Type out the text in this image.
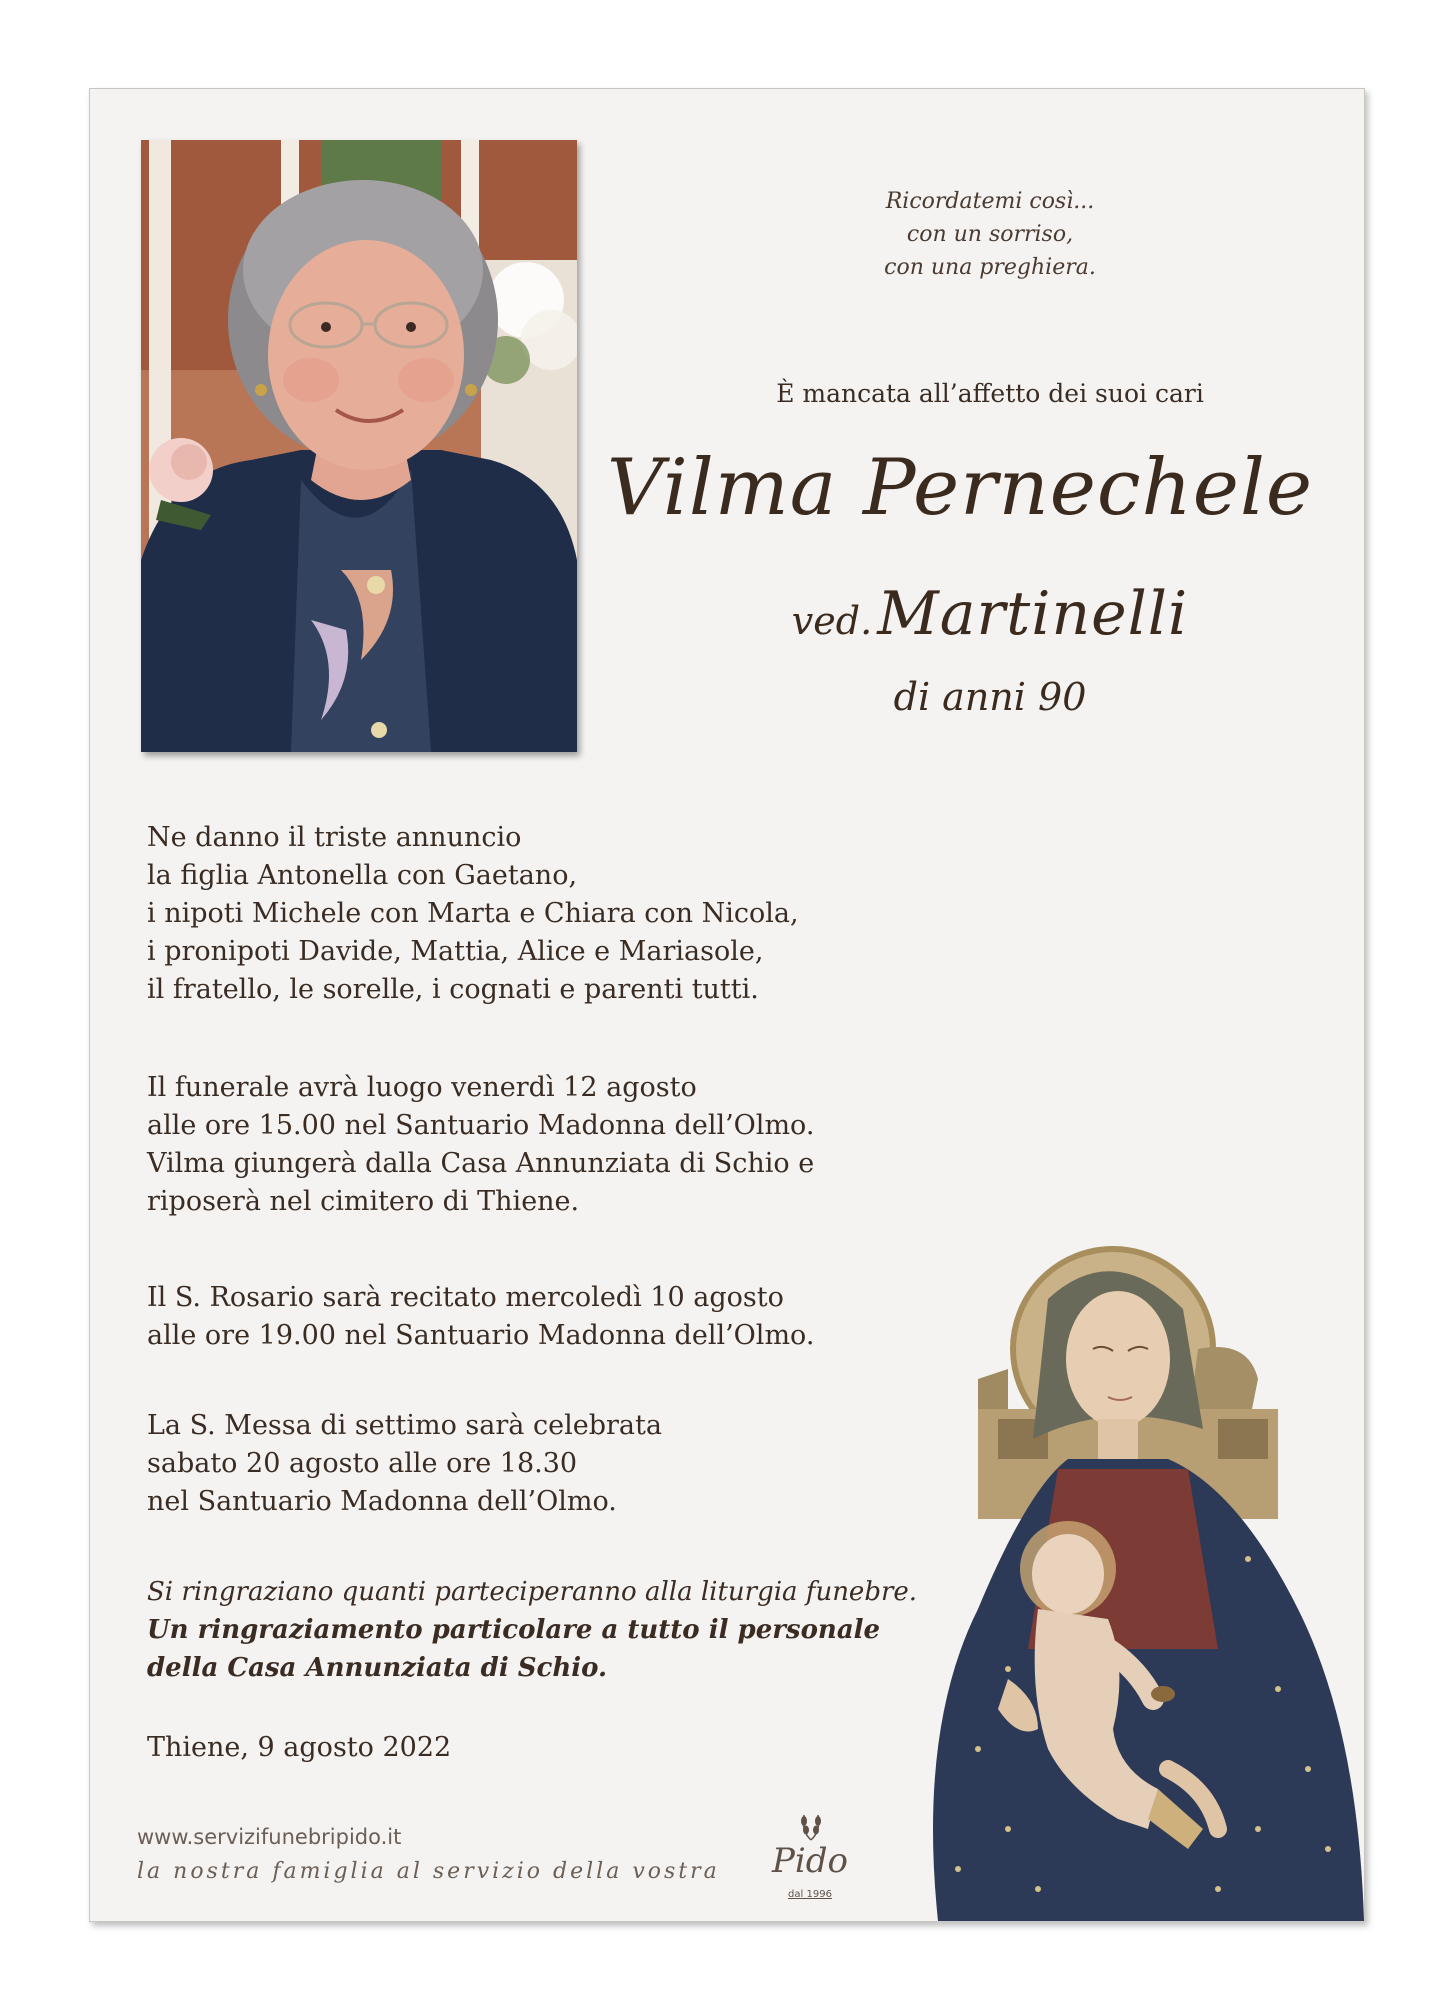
Ricordatemi così...
con un sorriso,
con una preghiera.
È mancata all’affetto dei suoi cari
Vilma Pernechele
ved. Martinelli
di anni 90
Ne danno il triste annuncio
la figlia Antonella con Gaetano,
i nipoti Michele con Marta e Chiara con Nicola,
i pronipoti Davide, Mattia, Alice e Mariasole,
il fratello, le sorelle, i cognati e parenti tutti.
Il funerale avrà luogo venerdì 12 agosto
alle ore 15.00 nel Santuario Madonna dell’Olmo.
Vilma giungerà dalla Casa Annunziata di Schio e
riposerà nel cimitero di Thiene.
Il S. Rosario sarà recitato mercoledì 10 agosto
alle ore 19.00 nel Santuario Madonna dell’Olmo.
La S. Messa di settimo sarà celebrata
sabato 20 agosto alle ore 18.30
nel Santuario Madonna dell’Olmo.
Si ringraziano quanti parteciperanno alla liturgia funebre.
Un ringraziamento particolare a tutto il personale
della Casa Annunziata di Schio.
Thiene, 9 agosto 2022
www.servizifunebripido.it
la nostra famiglia al servizio della vostra	Pido
dal 1996
